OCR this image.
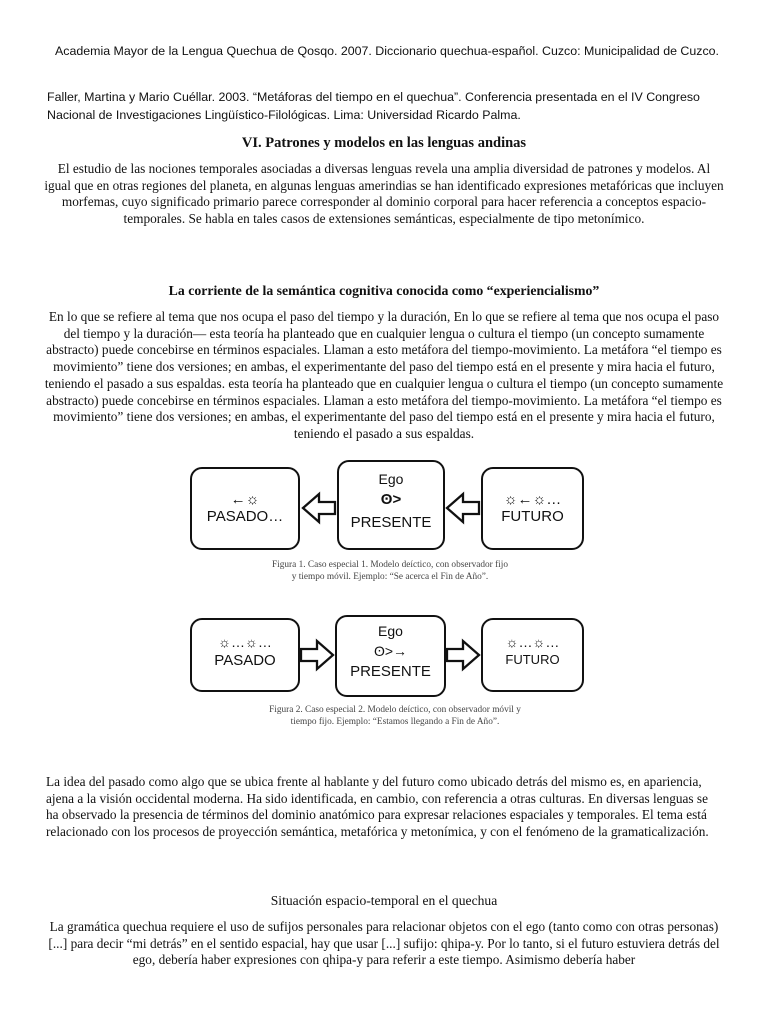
Academia Mayor de la Lengua Quechua de Qosqo. 2007. Diccionario quechua-español. Cuzco: Municipalidad de Cuzco.
Faller, Martina y Mario Cuéllar. 2003. “Metáforas del tiempo en el quechua”. Conferencia presentada en el IV Congreso Nacional de Investigaciones Lingüístico-Filológicas. Lima: Universidad Ricardo Palma.
VI. Patrones y modelos en las lenguas andinas
El estudio de las nociones temporales asociadas a diversas lenguas revela una amplia diversidad de patrones y modelos. Al igual que en otras regiones del planeta, en algunas lenguas amerindias se han identificado expresiones metafóricas que incluyen morfemas, cuyo significado primario parece corresponder al dominio corporal para hacer referencia a conceptos espacio-temporales. Se habla en tales casos de extensiones semánticas, especialmente de tipo metonímico.
La corriente de la semántica cognitiva conocida como “experiencialismo”
En lo que se refiere al tema que nos ocupa el paso del tiempo y la duración, En lo que se refiere al tema que nos ocupa el paso del tiempo y la duración— esta teoría ha planteado que en cualquier lengua o cultura el tiempo (un concepto sumamente abstracto) puede concebirse en términos espaciales. Llaman a esto metáfora del tiempo-movimiento. La metáfora “el tiempo es movimiento” tiene dos versiones; en ambas, el experimentante del paso del tiempo está en el presente y mira hacia el futuro, teniendo el pasado a sus espaldas. esta teoría ha planteado que en cualquier lengua o cultura el tiempo (un concepto sumamente abstracto) puede concebirse en términos espaciales. Llaman a esto metáfora del tiempo-movimiento. La metáfora “el tiempo es movimiento” tiene dos versiones; en ambas, el experimentante del paso del tiempo está en el presente y mira hacia el futuro, teniendo el pasado a sus espaldas.
←☼
PASADO…
Ego
ʘ>
PRESENTE
☼←☼…
FUTURO
Figura 1. Caso especial 1. Modelo deíctico, con observador fijo
y tiempo móvil. Ejemplo: “Se acerca el Fin de Año”.
☼…☼…
PASADO
Ego
ʘ>→
PRESENTE
☼…☼…
FUTURO
Figura 2. Caso especial 2. Modelo deíctico, con observador móvil y
tiempo fijo. Ejemplo: “Estamos llegando a Fin de Año”.
La idea del pasado como algo que se ubica frente al hablante y del futuro como ubicado detrás del mismo es, en apariencia, ajena a la visión occidental moderna. Ha sido identificada, en cambio, con referencia a otras culturas. En diversas lenguas se ha observado la presencia de términos del dominio anatómico para expresar relaciones espaciales y temporales. El tema está relacionado con los procesos de proyección semántica, metafórica y metonímica, y con el fenómeno de la gramaticalización.
Situación espacio-temporal en el quechua
La gramática quechua requiere el uso de sufijos personales para relacionar objetos con el ego (tanto como con otras personas) [...] para decir “mi detrás” en el sentido espacial, hay que usar [...] sufijo: qhipa-y. Por lo tanto, si el futuro estuviera detrás del ego, debería haber expresiones con qhipa-y para referir a este tiempo. Asimismo debería haber
